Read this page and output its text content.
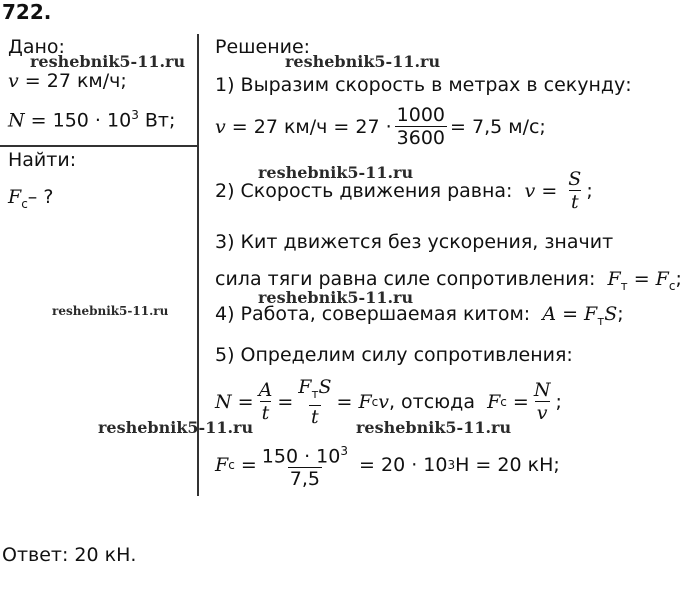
722.
Дано:
v = 27 км/ч;
$N = 150 \cdot 10^3$ Вт;
Найти:
$F_c-$ ?
Решение:
1) Выразим скорость в метрах в секунду:
v
= 27 $км/ч = 27 \cdot \frac{1000}{3600} = 7,5$ м/с;
2) Скорость движения равна:
$v = \frac{S}{t}$ ;
3) Кит движется без ускорения, значит
сила тяги равна силе сопротивления: $F_т = F_c$;
4) Работа, совершаемая китом: $A = F_тS$;
5) Определим силу сопротивления:
$N = \frac{A}{t} = \frac{F_тS}{t} = F$ c v , отсюда
F $c = \frac{N}{v}$ ;
F $c = \frac{150 \cdot 10^3}{7,5}$
= 20 · 10 3 Н = 20 кН;
Ответ: 20 кН.
reshebnik5-11.ru	reshebnik5-11.ru
reshebnik5-11.ru
reshebnik5-11.ru
reshebnik5-11.ru
reshebnik5-11.ru	reshebnik5-11.ru
